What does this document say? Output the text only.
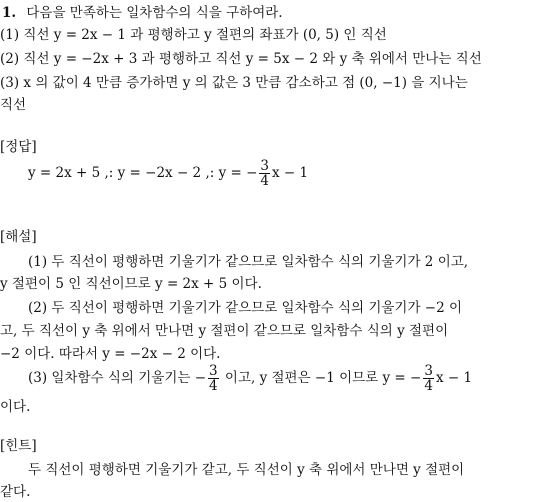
1. 다음을 만족하는 일차함수의 식을 구하여라.
(1) 직선 y = 2x − 1 과 평행하고 y 절편의 좌표가 (0, 5) 인 직선
(2) 직선 y = −2x + 3 과 평행하고 직선 y = 5x − 2 와 y 축 위에서 만나는 직선
(3) x 의 값이 4 만큼 증가하면 y 의 값은 3 만큼 감소하고 점 (0, −1) 을 지나는
직선
[정답]
y = 2x + 5 ,: y = −2x − 2 ,: y = − $\frac{3}{4}$ x − 1
[해설]
(1) 두 직선이 평행하면 기울기가 같으므로 일차함수 식의 기울기가 2 이고,
y 절편이 5 인 직선이므로 y = 2x + 5 이다.
(2) 두 직선이 평행하면 기울기가 같으므로 일차함수 식의 기울기가 −2 이
고, 두 직선이 y 축 위에서 만나면 y 절편이 같으므로 일차함수 식의 y 절편이
−2 이다. 따라서 y = −2x − 2 이다.
(3) 일차함수 식의 기울기는 − $\frac{3}{4}$ 이고, y 절편은 −1 이므로 y = − $\frac{3}{4}$ x − 1
이다.
[힌트]
두 직선이 평행하면 기울기가 같고, 두 직선이 y 축 위에서 만나면 y 절편이
같다.
